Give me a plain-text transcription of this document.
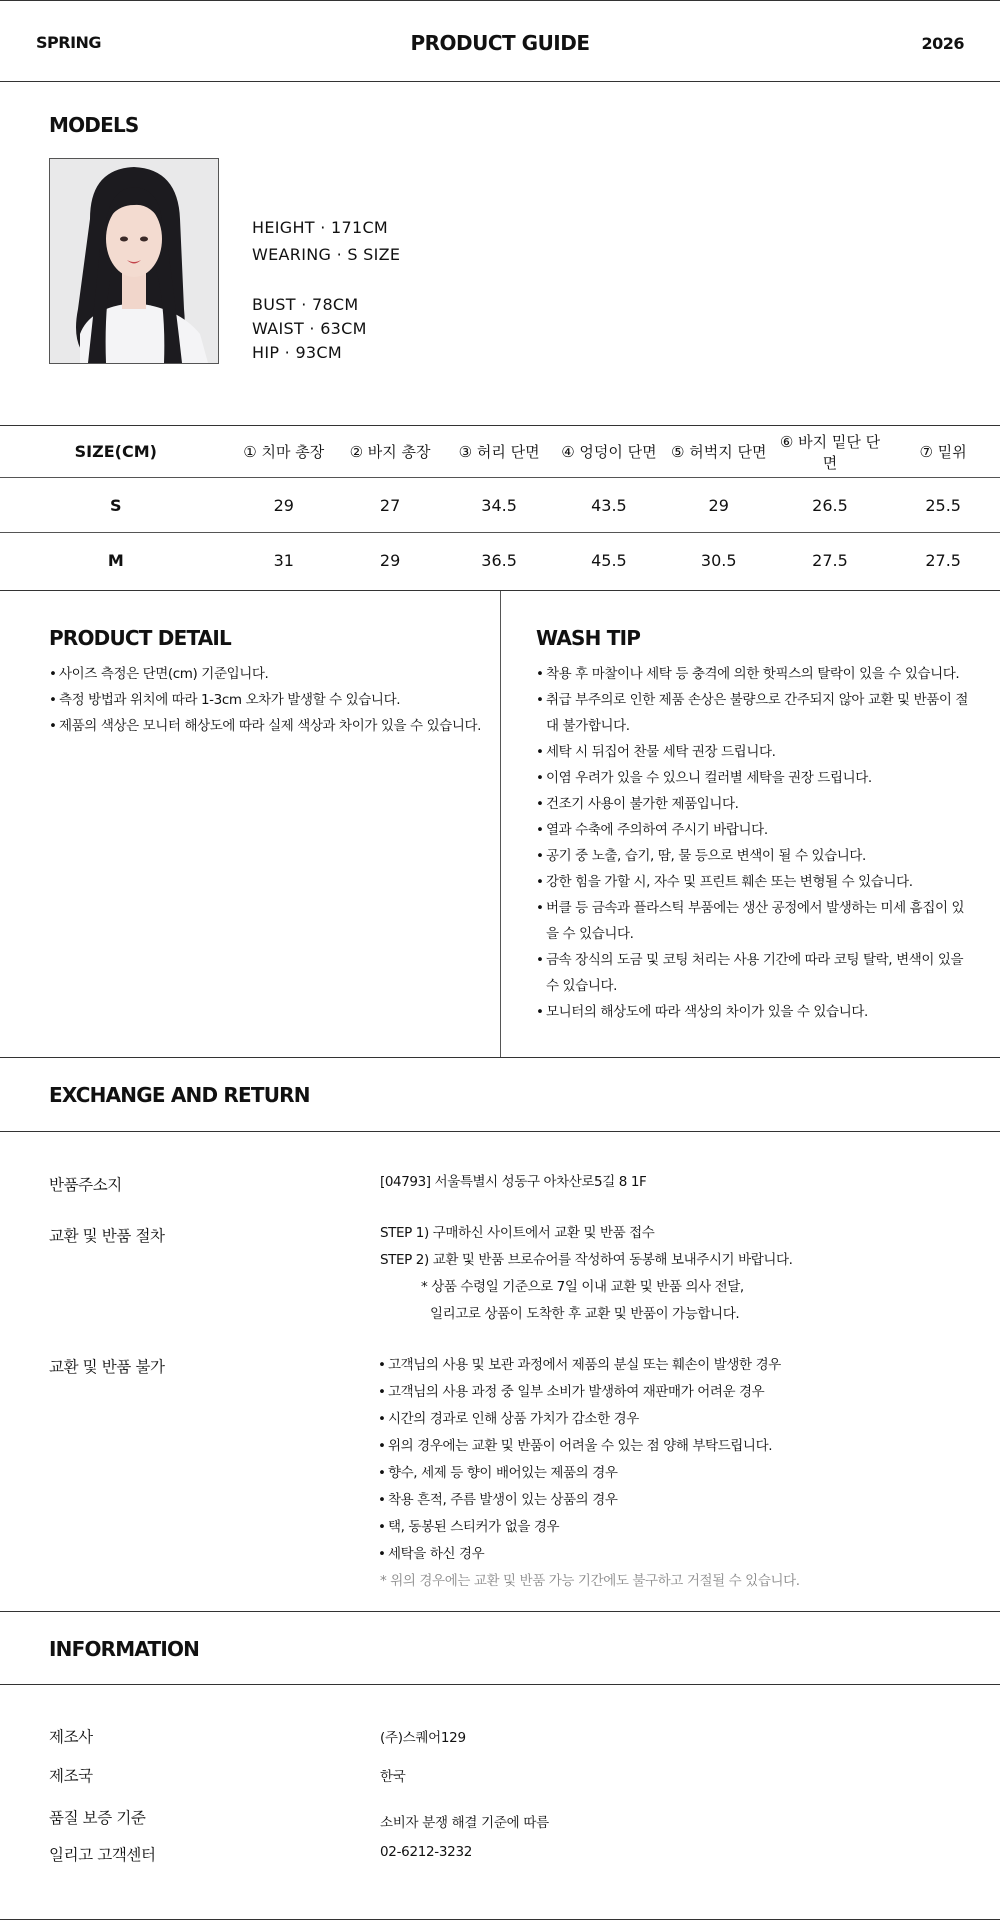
SPRING	PRODUCT GUIDE	2026
MODELS
HEIGHT · 171CM
WEARING · S SIZE
BUST · 78CM
WAIST · 63CM
HIP · 93CM
SIZE(CM)	① 치마 총장	② 바지 총장	③ 허리 단면	④ 엉덩이 단면	⑤ 허벅지 단면	⑥ 바지 밑단 단면	⑦ 밑위
S	29	27	34.5	43.5	29	26.5	25.5
M	31	29	36.5	45.5	30.5	27.5	27.5
PRODUCT DETAIL
• 사이즈 측정은 단면(cm) 기준입니다.
• 측정 방법과 위치에 따라 1-3cm 오차가 발생할 수 있습니다.
• 제품의 색상은 모니터 해상도에 따라 실제 색상과 차이가 있을 수 있습니다.
WASH TIP
• 착용 후 마찰이나 세탁 등 충격에 의한 핫픽스의 탈락이 있을 수 있습니다.
• 취급 부주의로 인한 제품 손상은 불량으로 간주되지 않아 교환 및 반품이 절대 불가합니다.
• 세탁 시 뒤집어 찬물 세탁 권장 드립니다.
• 이염 우려가 있을 수 있으니 컬러별 세탁을 권장 드립니다.
• 건조기 사용이 불가한 제품입니다.
• 열과 수축에 주의하여 주시기 바랍니다.
• 공기 중 노출, 습기, 땀, 물 등으로 변색이 될 수 있습니다.
• 강한 힘을 가할 시, 자수 및 프린트 훼손 또는 변형될 수 있습니다.
• 버클 등 금속과 플라스틱 부품에는 생산 공정에서 발생하는 미세 흠집이 있을 수 있습니다.
• 금속 장식의 도금 및 코팅 처리는 사용 기간에 따라 코팅 탈락, 변색이 있을 수 있습니다.
• 모니터의 해상도에 따라 색상의 차이가 있을 수 있습니다.
EXCHANGE AND RETURN
반품주소지	[04793] 서울특별시 성동구 아차산로5길 8 1F
교환 및 반품 절차	STEP 1) 구매하신 사이트에서 교환 및 반품 접수
STEP 2) 교환 및 반품 브로슈어를 작성하여 동봉해 보내주시기 바랍니다.
* 상품 수령일 기준으로 7일 이내 교환 및 반품 의사 전달,
일리고로 상품이 도착한 후 교환 및 반품이 가능합니다.
교환 및 반품 불가	• 고객님의 사용 및 보관 과정에서 제품의 분실 또는 훼손이 발생한 경우
• 고객님의 사용 과정 중 일부 소비가 발생하여 재판매가 어려운 경우
• 시간의 경과로 인해 상품 가치가 감소한 경우
• 위의 경우에는 교환 및 반품이 어려울 수 있는 점 양해 부탁드립니다.
• 향수, 세제 등 향이 배어있는 제품의 경우
• 착용 흔적, 주름 발생이 있는 상품의 경우
• 택, 동봉된 스티커가 없을 경우
• 세탁을 하신 경우
* 위의 경우에는 교환 및 반품 가능 기간에도 불구하고 거절될 수 있습니다.
INFORMATION
제조사	(주)스퀘어129
제조국	한국
품질 보증 기준	소비자 분쟁 해결 기준에 따름
일리고 고객센터	02-6212-3232
